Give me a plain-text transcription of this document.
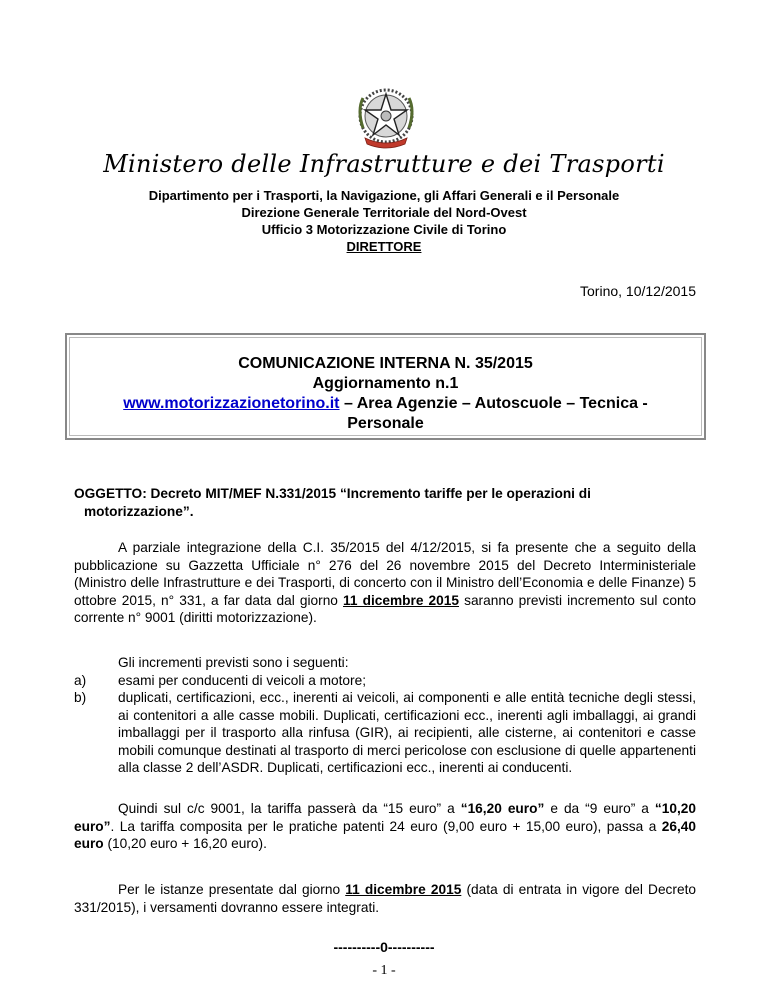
Ministero delle Infrastrutture e dei Trasporti
Dipartimento per i Trasporti, la Navigazione, gli Affari Generali e il Personale
Direzione Generale Territoriale del Nord-Ovest
Ufficio 3 Motorizzazione Civile di Torino
DIRETTORE
Torino, 10/12/2015
COMUNICAZIONE INTERNA N. 35/2015
Aggiornamento n.1
www.motorizzazionetorino.it – Area Agenzie – Autoscuole – Tecnica -
Personale
OGGETTO: Decreto MIT/MEF N.331/2015 “Incremento tariffe per le operazioni di
motorizzazione”.
A parziale integrazione della C.I. 35/2015 del 4/12/2015, si fa presente che a seguito della pubblicazione su Gazzetta Ufficiale n° 276 del 26 novembre 2015 del Decreto Interministeriale (Ministro delle Infrastrutture e dei Trasporti, di concerto con il Ministro dell’Economia e delle Finanze) 5 ottobre 2015, n° 331, a far data dal giorno 11 dicembre 2015 saranno previsti incremento sul conto corrente n° 9001 (diritti motorizzazione).
Gli incrementi previsti sono i seguenti:
a)	esami per conducenti di veicoli a motore;
b)	duplicati, certificazioni, ecc., inerenti ai veicoli, ai componenti e alle entità tecniche degli stessi, ai contenitori a alle casse mobili. Duplicati, certificazioni ecc., inerenti agli imballaggi, ai grandi imballaggi per il trasporto alla rinfusa (GIR), ai recipienti, alle cisterne, ai contenitori e casse mobili comunque destinati al trasporto di merci pericolose con esclusione di quelle appartenenti alla classe 2 dell’ASDR. Duplicati, certificazioni ecc., inerenti ai conducenti.
Quindi sul c/c 9001, la tariffa passerà da “15 euro” a “16,20 euro” e da “9 euro” a “10,20 euro”. La tariffa composita per le pratiche patenti 24 euro (9,00 euro + 15,00 euro), passa a 26,40 euro (10,20 euro + 16,20 euro).
Per le istanze presentate dal giorno 11 dicembre 2015 (data di entrata in vigore del Decreto 331/2015), i versamenti dovranno essere integrati.
----------0----------
- 1 -
